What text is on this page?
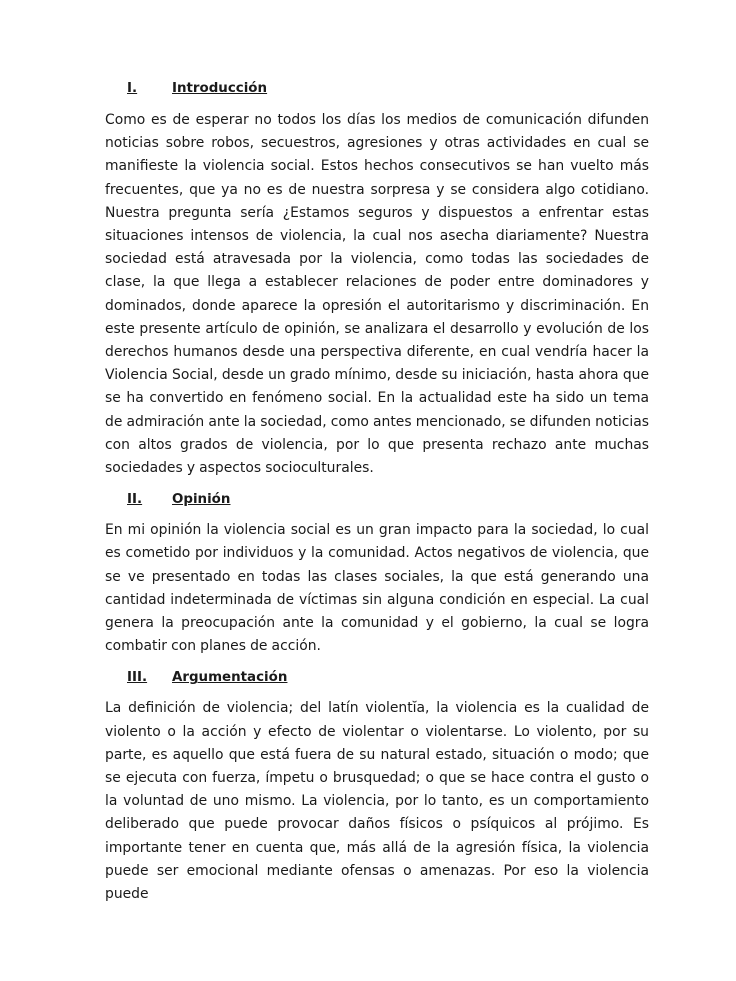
I.	Introducción

Como es de esperar no todos los días los medios de comunicación difunden noticias sobre robos, secuestros, agresiones y otras actividades en cual se manifieste la violencia social. Estos hechos consecutivos se han vuelto más frecuentes, que ya no es de nuestra sorpresa y se considera algo cotidiano. Nuestra pregunta sería ¿Estamos seguros y dispuestos a enfrentar estas situaciones intensos de violencia, la cual nos asecha diariamente? Nuestra sociedad está atravesada por la violencia, como todas las sociedades de clase, la que llega a establecer relaciones de poder entre dominadores y dominados, donde aparece la opresión el autoritarismo y discriminación. En este presente artículo de opinión, se analizara el desarrollo y evolución de los derechos humanos desde una perspectiva diferente, en cual vendría hacer la Violencia Social, desde un grado mínimo, desde su iniciación, hasta ahora que se ha convertido en fenómeno social. En la actualidad este ha sido un tema de admiración ante la sociedad, como antes mencionado, se difunden noticias con altos grados de violencia, por lo que presenta rechazo ante muchas sociedades y aspectos socioculturales.

II.	Opinión

En mi opinión la violencia social es un gran impacto para la sociedad, lo cual es cometido por individuos y la comunidad. Actos negativos de violencia, que se ve presentado en todas las clases sociales, la que está generando una cantidad indeterminada de víctimas sin alguna condición en especial. La cual genera la preocupación ante la comunidad y el gobierno, la cual se logra combatir con planes de acción.

III.	Argumentación

La definición de violencia; del latín violentĭa, la violencia es la cualidad de violento o la acción y efecto de violentar o violentarse. Lo violento, por su parte, es aquello que está fuera de su natural estado, situación o modo; que se ejecuta con fuerza, ímpetu o brusquedad; o que se hace contra el gusto o la voluntad de uno mismo. La violencia, por lo tanto, es un comportamiento deliberado que puede provocar daños físicos o psíquicos al prójimo. Es importante tener en cuenta que, más allá de la agresión física, la violencia puede ser emocional mediante ofensas o amenazas. Por eso la violencia puede
